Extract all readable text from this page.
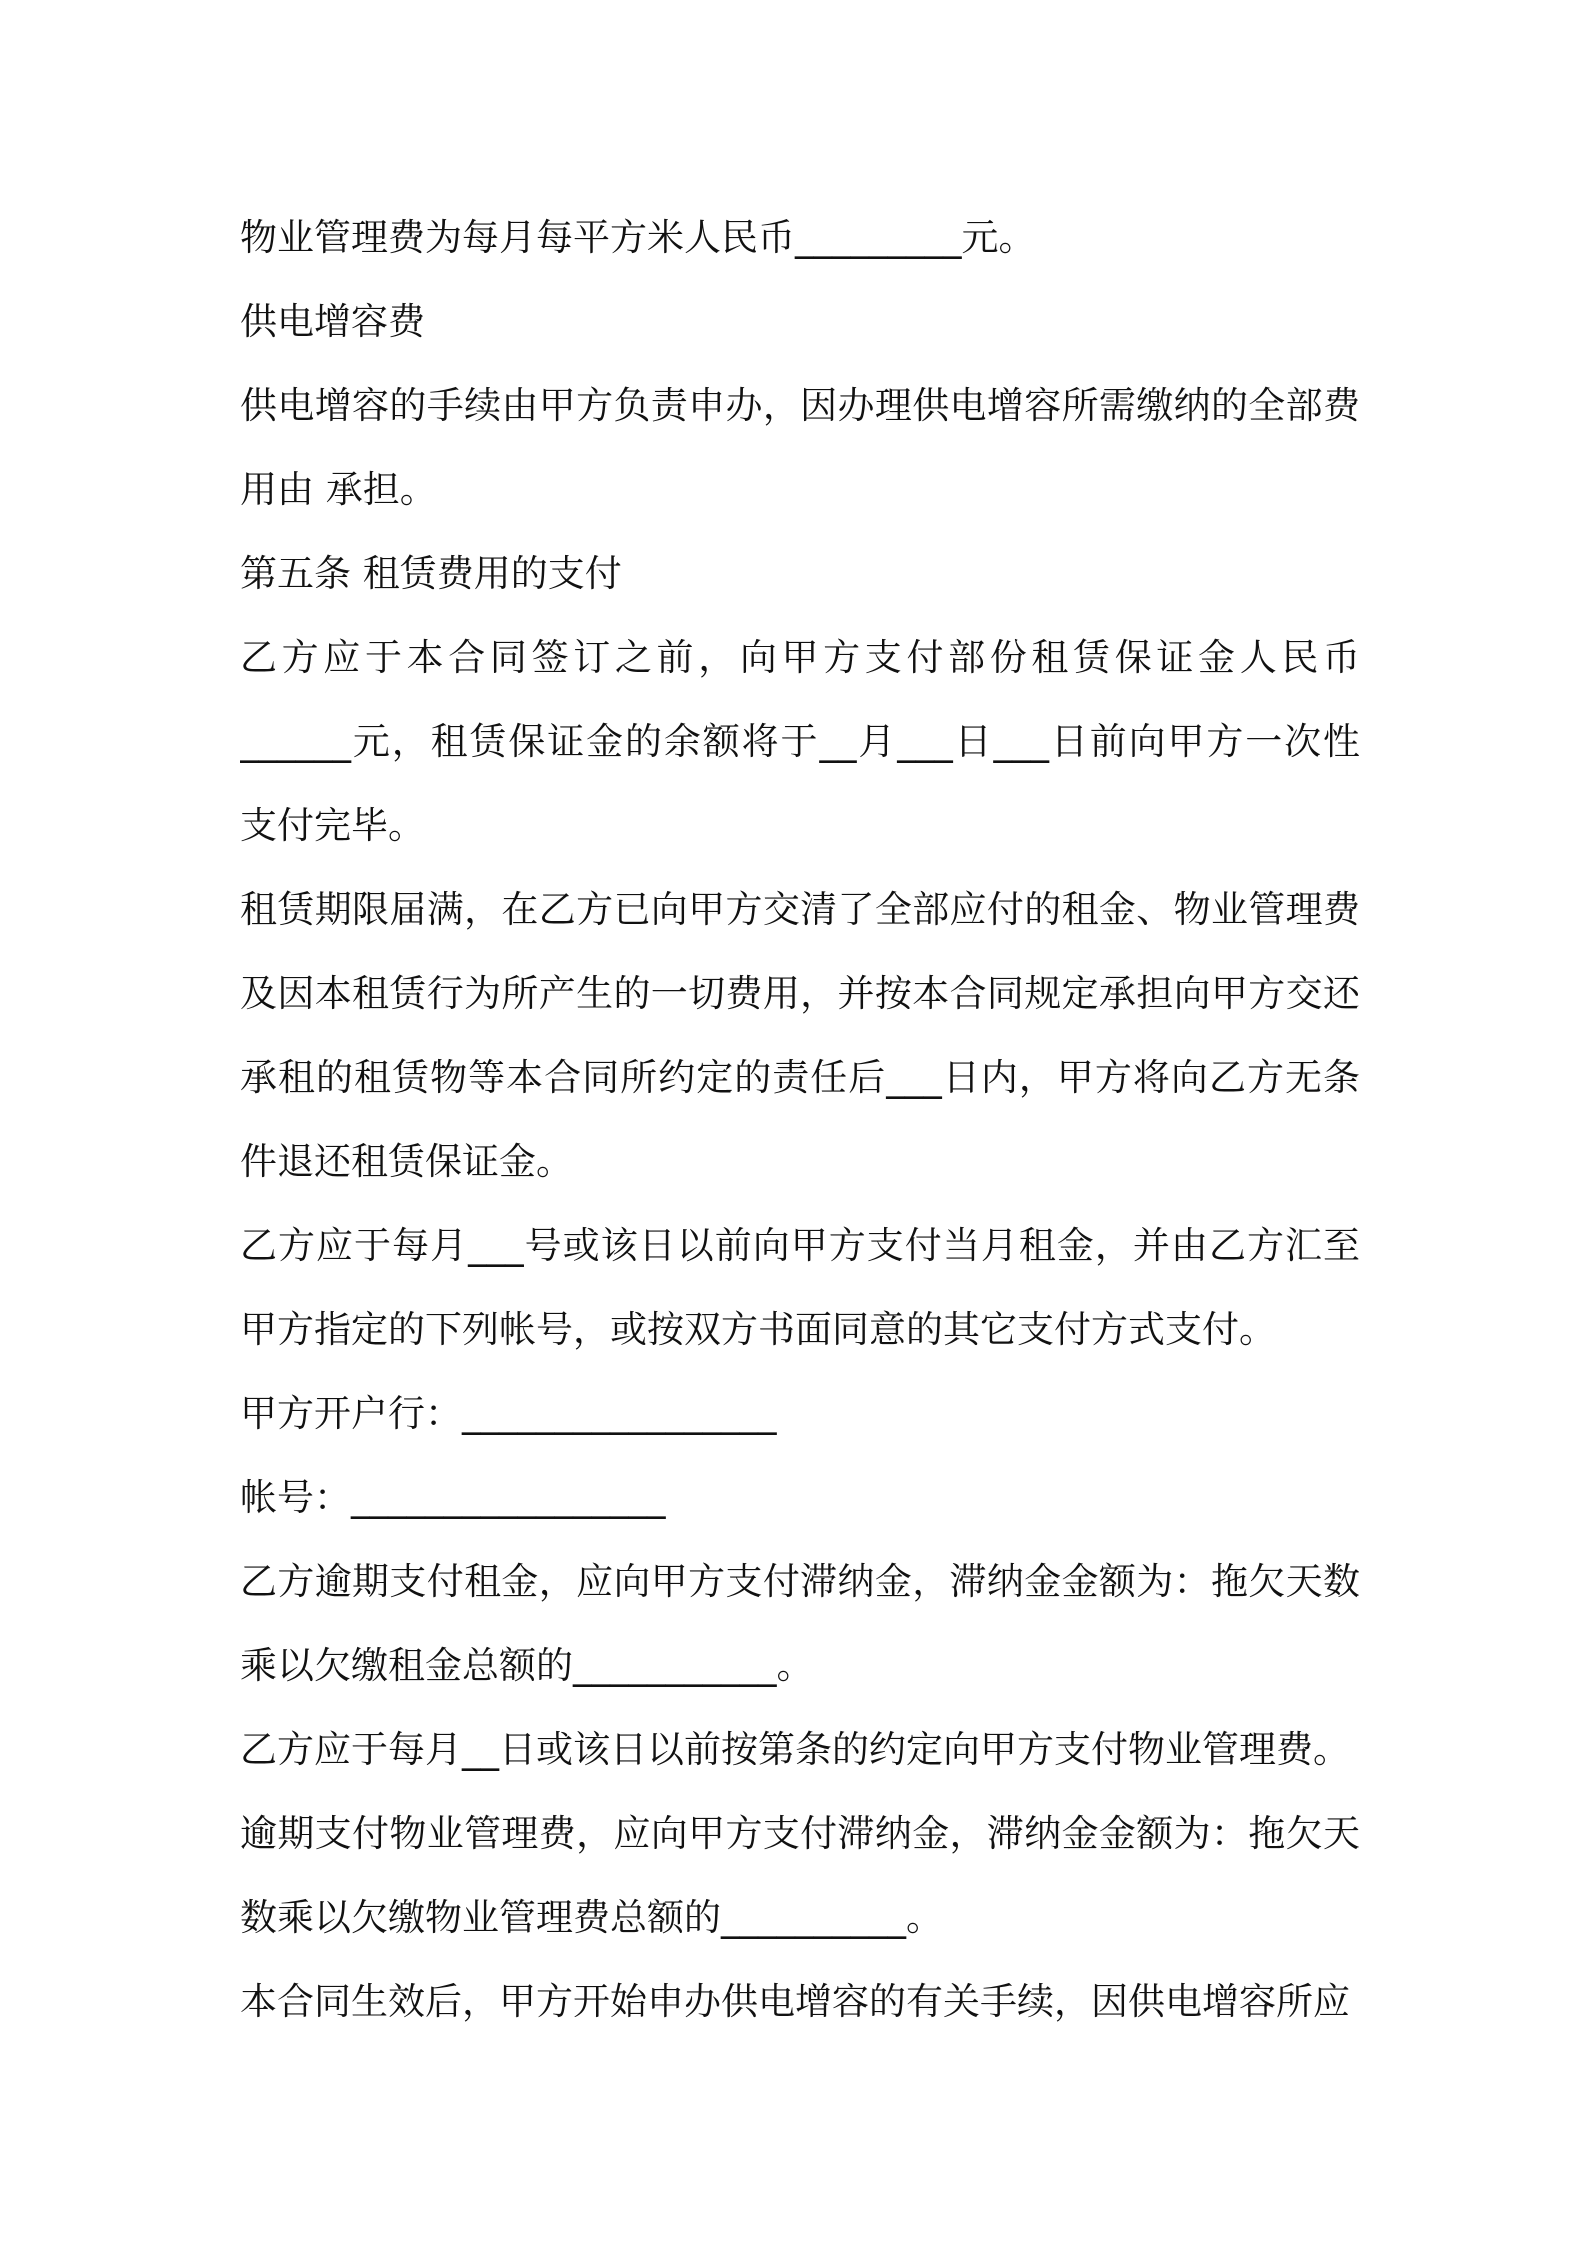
物业管理费为每月每平方米人民币_________元。
供电增容费
供电增容的手续由甲方负责申办，因办理供电增容所需缴纳的全部费
用由 承担。
第五条 租赁费用的支付
乙方应于本合同签订之前，向甲方支付部份租赁保证金人民币
______元，租赁保证金的余额将于__月___日___日前向甲方一次性
支付完毕。
租赁期限届满，在乙方已向甲方交清了全部应付的租金、物业管理费
及因本租赁行为所产生的一切费用，并按本合同规定承担向甲方交还
承租的租赁物等本合同所约定的责任后___日内，甲方将向乙方无条
件退还租赁保证金。
乙方应于每月___号或该日以前向甲方支付当月租金，并由乙方汇至
甲方指定的下列帐号，或按双方书面同意的其它支付方式支付。
甲方开户行：_________________
帐号：_________________
乙方逾期支付租金，应向甲方支付滞纳金，滞纳金金额为：拖欠天数
乘以欠缴租金总额的___________。
乙方应于每月__日或该日以前按第条的约定向甲方支付物业管理费。
逾期支付物业管理费，应向甲方支付滞纳金，滞纳金金额为：拖欠天
数乘以欠缴物业管理费总额的__________。
本合同生效后，甲方开始申办供电增容的有关手续，因供电增容所应
